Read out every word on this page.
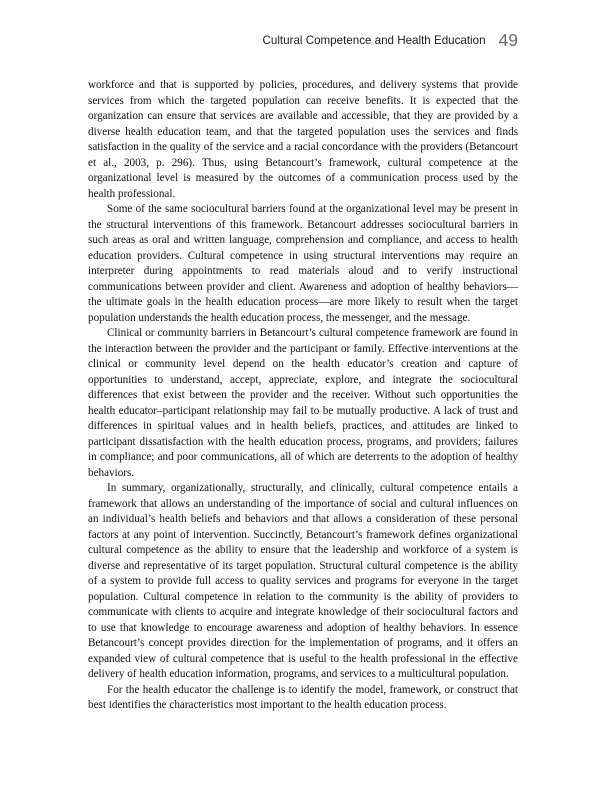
Cultural Competence and Health Education 49

workforce and that is supported by policies, procedures, and delivery systems that provide services from which the targeted population can receive benefits. It is expected that the organization can ensure that services are available and accessible, that they are provided by a diverse health education team, and that the targeted population uses the services and finds satisfaction in the quality of the service and a racial concordance with the providers (Betancourt et al., 2003, p. 296). Thus, using Betancourt’s framework, cultural competence at the organizational level is measured by the outcomes of a communication process used by the health professional.

Some of the same sociocultural barriers found at the organizational level may be present in the structural interventions of this framework. Betancourt addresses sociocultural barriers in such areas as oral and written language, comprehension and compliance, and access to health education providers. Cultural competence in using structural interventions may require an interpreter during appointments to read materials aloud and to verify instructional communications between provider and client. Awareness and adoption of healthy behaviors—the ultimate goals in the health education process—are more likely to result when the target population understands the health education process, the messenger, and the message.

Clinical or community barriers in Betancourt’s cultural competence framework are found in the interaction between the provider and the participant or family. Effective interventions at the clinical or community level depend on the health educator’s creation and capture of opportunities to understand, accept, appreciate, explore, and integrate the sociocultural differences that exist between the provider and the receiver. Without such opportunities the health educator–participant relationship may fail to be mutually productive. A lack of trust and differences in spiritual values and in health beliefs, practices, and attitudes are linked to participant dissatisfaction with the health education process, programs, and providers; failures in compliance; and poor communications, all of which are deterrents to the adoption of healthy behaviors.

In summary, organizationally, structurally, and clinically, cultural competence entails a framework that allows an understanding of the importance of social and cultural influences on an individual’s health beliefs and behaviors and that allows a consideration of these personal factors at any point of intervention. Succinctly, Betancourt’s framework defines organizational cultural competence as the ability to ensure that the leadership and workforce of a system is diverse and representative of its target population. Structural cultural competence is the ability of a system to provide full access to quality services and programs for everyone in the target population. Cultural competence in relation to the community is the ability of providers to communicate with clients to acquire and integrate knowledge of their sociocultural factors and to use that knowledge to encourage awareness and adoption of healthy behaviors. In essence Betancourt’s concept provides direction for the implementation of programs, and it offers an expanded view of cultural competence that is useful to the health professional in the effective delivery of health education information, programs, and services to a multicultural population.

For the health educator the challenge is to identify the model, framework, or construct that best identifies the characteristics most important to the health education process.
